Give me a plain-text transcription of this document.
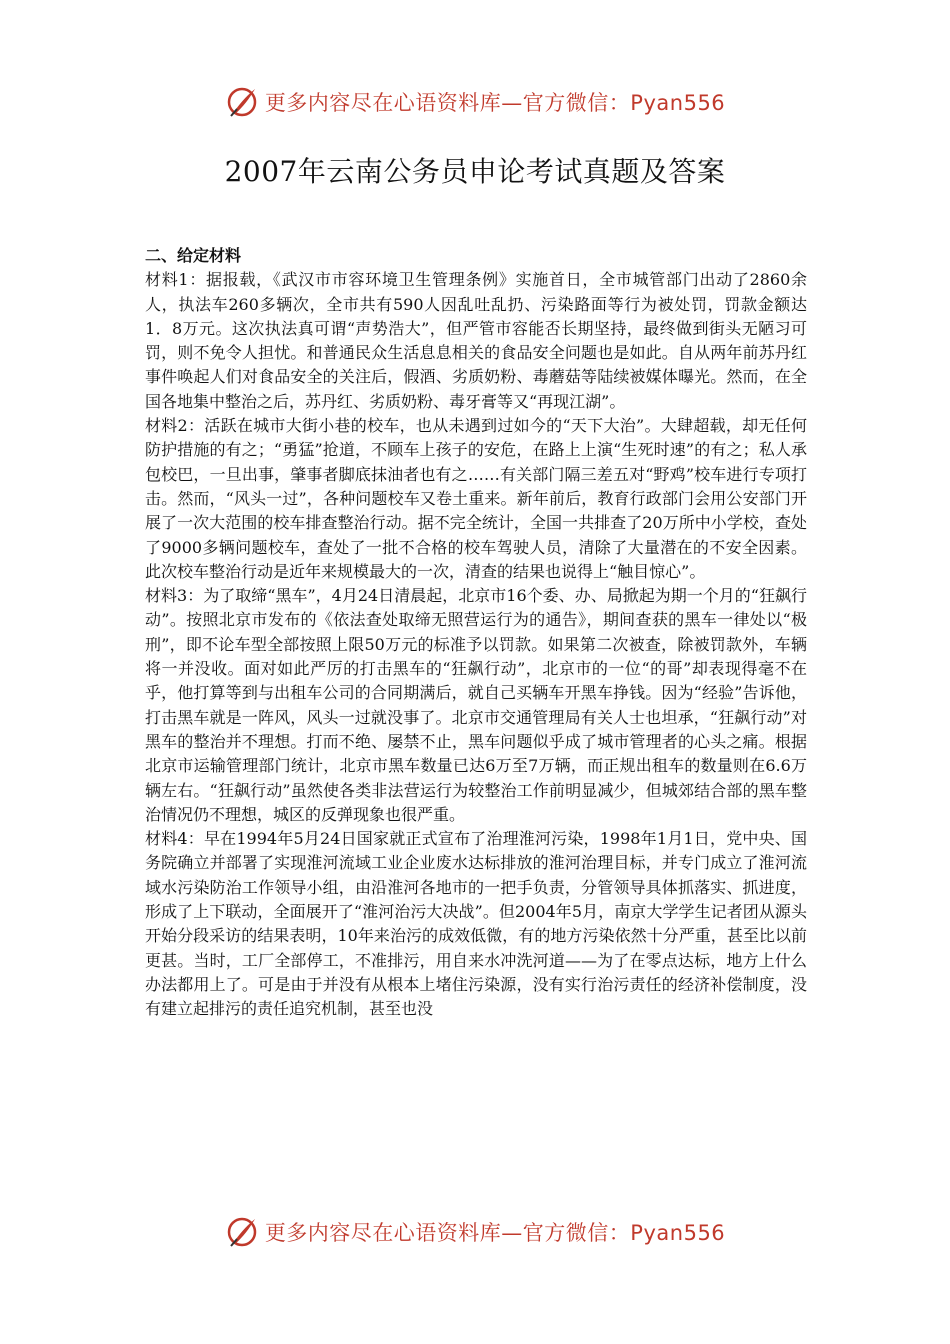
更多内容尽在心语资料库—官方微信：Pyan556
2007年云南公务员申论考试真题及答案

二、给定材料

材料1：据报载，《武汉市市容环境卫生管理条例》实施首日，全市城管部门出动了2860余人，执法车260多辆次，全市共有590人因乱吐乱扔、污染路面等行为被处罚，罚款金额达1．8万元。这次执法真可谓“声势浩大”，但严管市容能否长期坚持，最终做到街头无陋习可罚，则不免令人担忧。和普通民众生活息息相关的食品安全问题也是如此。自从两年前苏丹红事件唤起人们对食品安全的关注后，假酒、劣质奶粉、毒蘑菇等陆续被媒体曝光。然而，在全国各地集中整治之后，苏丹红、劣质奶粉、毒牙膏等又“再现江湖”。

材料2：活跃在城市大街小巷的校车，也从未遇到过如今的“天下大治”。大肆超载，却无任何防护措施的有之；“勇猛”抢道，不顾车上孩子的安危，在路上上演“生死时速”的有之；私人承包校巴，一旦出事，肇事者脚底抹油者也有之……有关部门隔三差五对“野鸡”校车进行专项打击。然而，“风头一过”，各种问题校车又卷土重来。新年前后，教育行政部门会用公安部门开展了一次大范围的校车排查整治行动。据不完全统计，全国一共排查了20万所中小学校，查处了9000多辆问题校车，查处了一批不合格的校车驾驶人员，清除了大量潜在的不安全因素。此次校车整治行动是近年来规模最大的一次，清查的结果也说得上“触目惊心”。

材料3：为了取缔“黑车”，4月24日清晨起，北京市16个委、办、局掀起为期一个月的“狂飙行动”。按照北京市发布的《依法查处取缔无照营运行为的通告》，期间查获的黑车一律处以“极刑”，即不论车型全部按照上限50万元的标准予以罚款。如果第二次被查，除被罚款外，车辆将一并没收。面对如此严厉的打击黑车的“狂飙行动”，北京市的一位“的哥”却表现得毫不在乎，他打算等到与出租车公司的合同期满后，就自己买辆车开黑车挣钱。因为“经验”告诉他，打击黑车就是一阵风，风头一过就没事了。北京市交通管理局有关人士也坦承，“狂飙行动”对黑车的整治并不理想。打而不绝、屡禁不止，黑车问题似乎成了城市管理者的心头之痛。根据北京市运输管理部门统计，北京市黑车数量已达6万至7万辆，而正规出租车的数量则在6.6万辆左右。“狂飙行动”虽然使各类非法营运行为较整治工作前明显减少，但城郊结合部的黑车整治情况仍不理想，城区的反弹现象也很严重。

材料4：早在1994年5月24日国家就正式宣布了治理淮河污染，1998年1月1日，党中央、国务院确立并部署了实现淮河流域工业企业废水达标排放的淮河治理目标，并专门成立了淮河流域水污染防治工作领导小组，由沿淮河各地市的一把手负责，分管领导具体抓落实、抓进度，形成了上下联动，全面展开了“淮河治污大决战”。但2004年5月，南京大学学生记者团从源头开始分段采访的结果表明，10年来治污的成效低微，有的地方污染依然十分严重，甚至比以前更甚。当时，工厂全部停工，不准排污，用自来水冲洗河道——为了在零点达标，地方上什么办法都用上了。可是由于并没有从根本上堵住污染源，没有实行治污责任的经济补偿制度，没有建立起排污的责任追究机制，甚至也没

更多内容尽在心语资料库—官方微信：Pyan556
